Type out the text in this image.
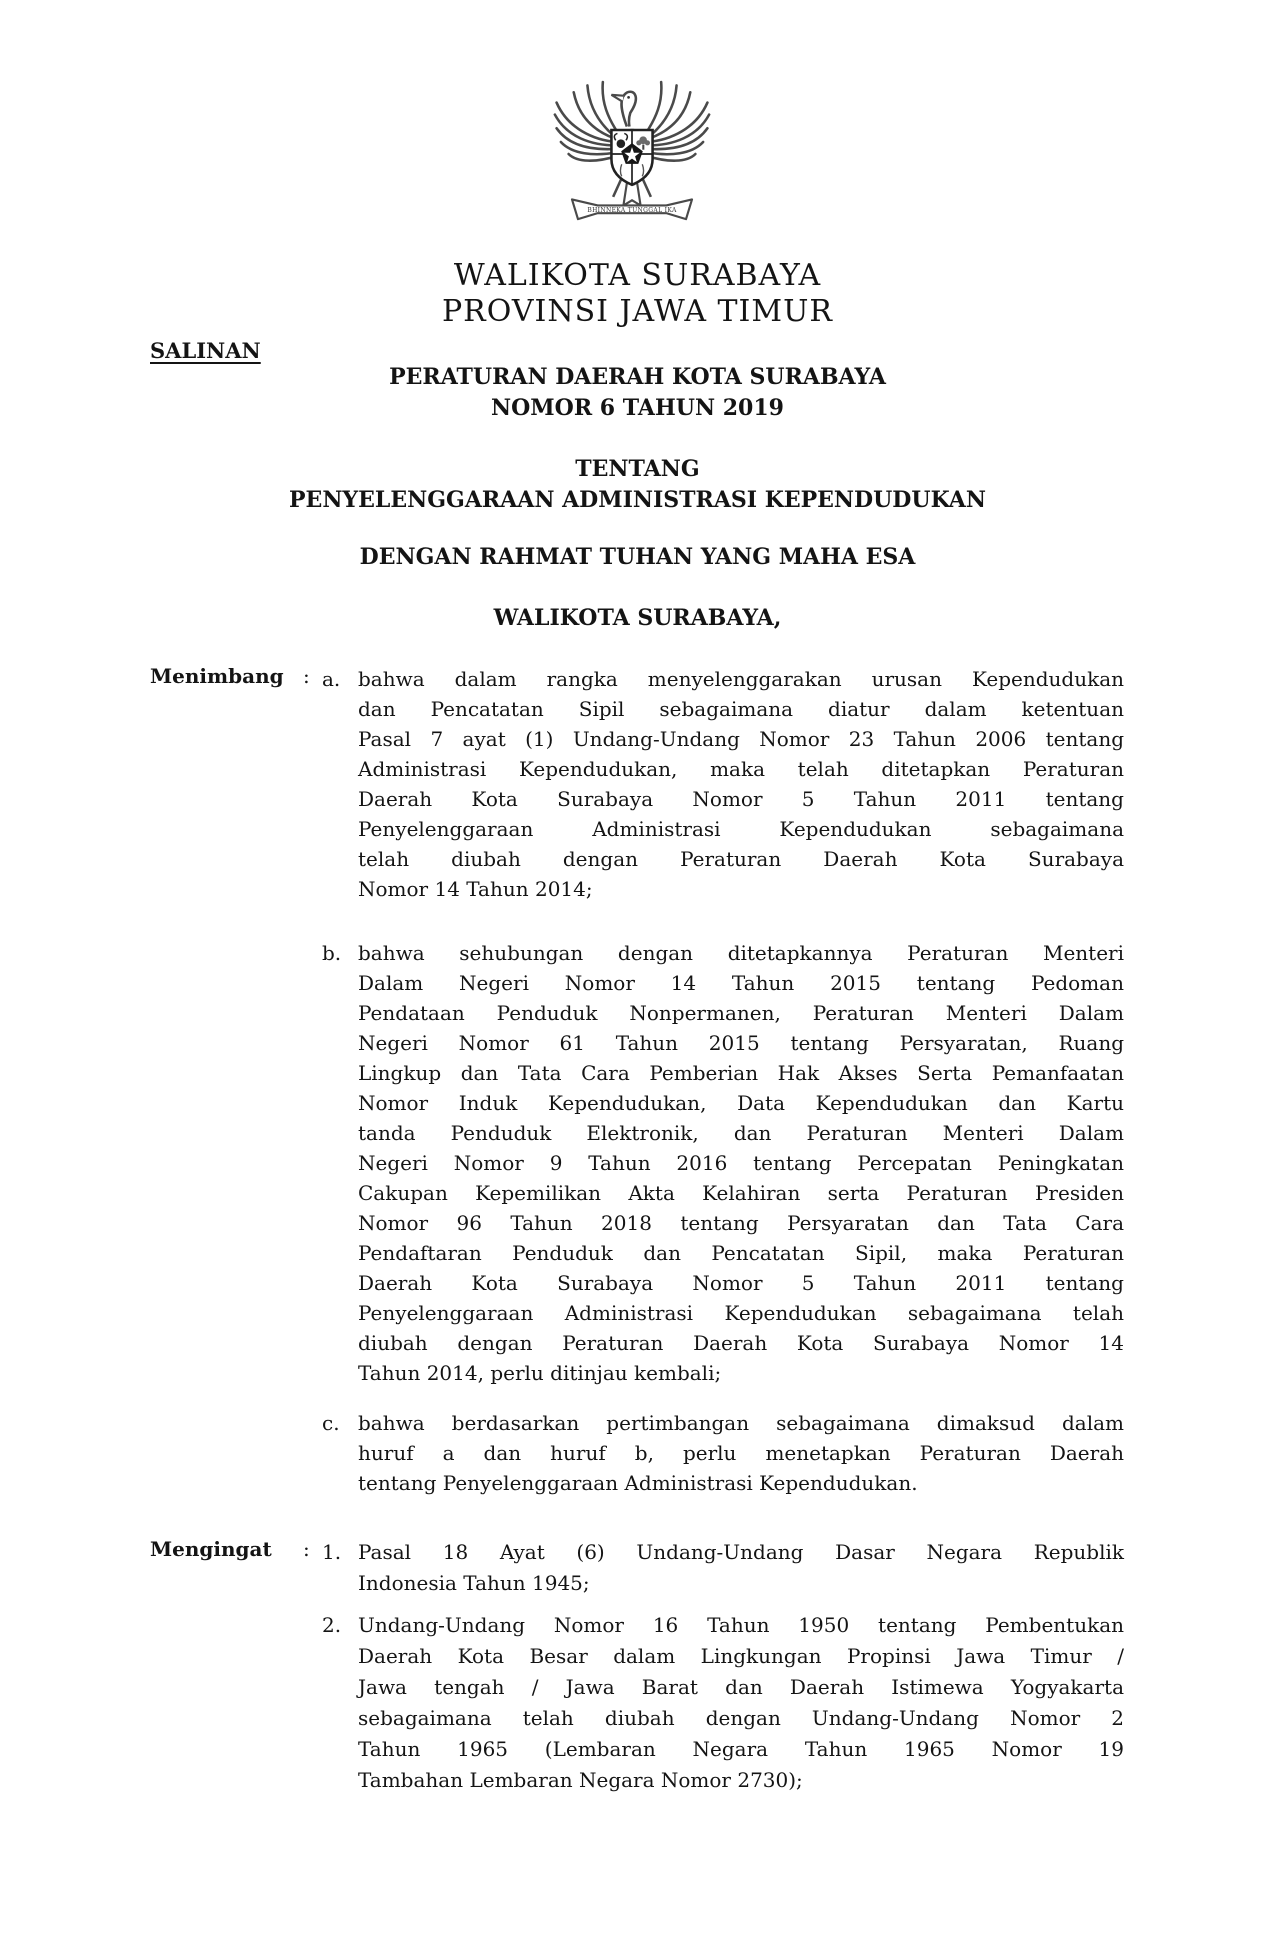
BHINNEKA TUNGGAL IKA
WALIKOTA SURABAYA
PROVINSI JAWA TIMUR
SALINAN
PERATURAN DAERAH KOTA SURABAYA
NOMOR 6 TAHUN 2019
TENTANG
PENYELENGGARAAN ADMINISTRASI KEPENDUDUKAN
DENGAN RAHMAT TUHAN YANG MAHA ESA
WALIKOTA SURABAYA,
Menimbang : a. bahwa dalam rangka menyelenggarakan urusan Kependudukan
dan Pencatatan Sipil sebagaimana diatur dalam ketentuan
Pasal 7 ayat (1) Undang-Undang Nomor 23 Tahun 2006 tentang
Administrasi Kependudukan, maka telah ditetapkan Peraturan
Daerah Kota Surabaya Nomor 5 Tahun 2011 tentang
Penyelenggaraan Administrasi Kependudukan sebagaimana
telah diubah dengan Peraturan Daerah Kota Surabaya
Nomor 14 Tahun 2014;
b. bahwa sehubungan dengan ditetapkannya Peraturan Menteri
Dalam Negeri Nomor 14 Tahun 2015 tentang Pedoman
Pendataan Penduduk Nonpermanen, Peraturan Menteri Dalam
Negeri Nomor 61 Tahun 2015 tentang Persyaratan, Ruang
Lingkup dan Tata Cara Pemberian Hak Akses Serta Pemanfaatan
Nomor Induk Kependudukan, Data Kependudukan dan Kartu
tanda Penduduk Elektronik, dan Peraturan Menteri Dalam
Negeri Nomor 9 Tahun 2016 tentang Percepatan Peningkatan
Cakupan Kepemilikan Akta Kelahiran serta Peraturan Presiden
Nomor 96 Tahun 2018 tentang Persyaratan dan Tata Cara
Pendaftaran Penduduk dan Pencatatan Sipil, maka Peraturan
Daerah Kota Surabaya Nomor 5 Tahun 2011 tentang
Penyelenggaraan Administrasi Kependudukan sebagaimana telah
diubah dengan Peraturan Daerah Kota Surabaya Nomor 14
Tahun 2014, perlu ditinjau kembali;
c. bahwa berdasarkan pertimbangan sebagaimana dimaksud dalam
huruf a dan huruf b, perlu menetapkan Peraturan Daerah
tentang Penyelenggaraan Administrasi Kependudukan.
Mengingat : 1. Pasal 18 Ayat (6) Undang-Undang Dasar Negara Republik
Indonesia Tahun 1945;
2. Undang-Undang Nomor 16 Tahun 1950 tentang Pembentukan
Daerah Kota Besar dalam Lingkungan Propinsi Jawa Timur /
Jawa tengah / Jawa Barat dan Daerah Istimewa Yogyakarta
sebagaimana telah diubah dengan Undang-Undang Nomor 2
Tahun 1965 (Lembaran Negara Tahun 1965 Nomor 19
Tambahan Lembaran Negara Nomor 2730);
